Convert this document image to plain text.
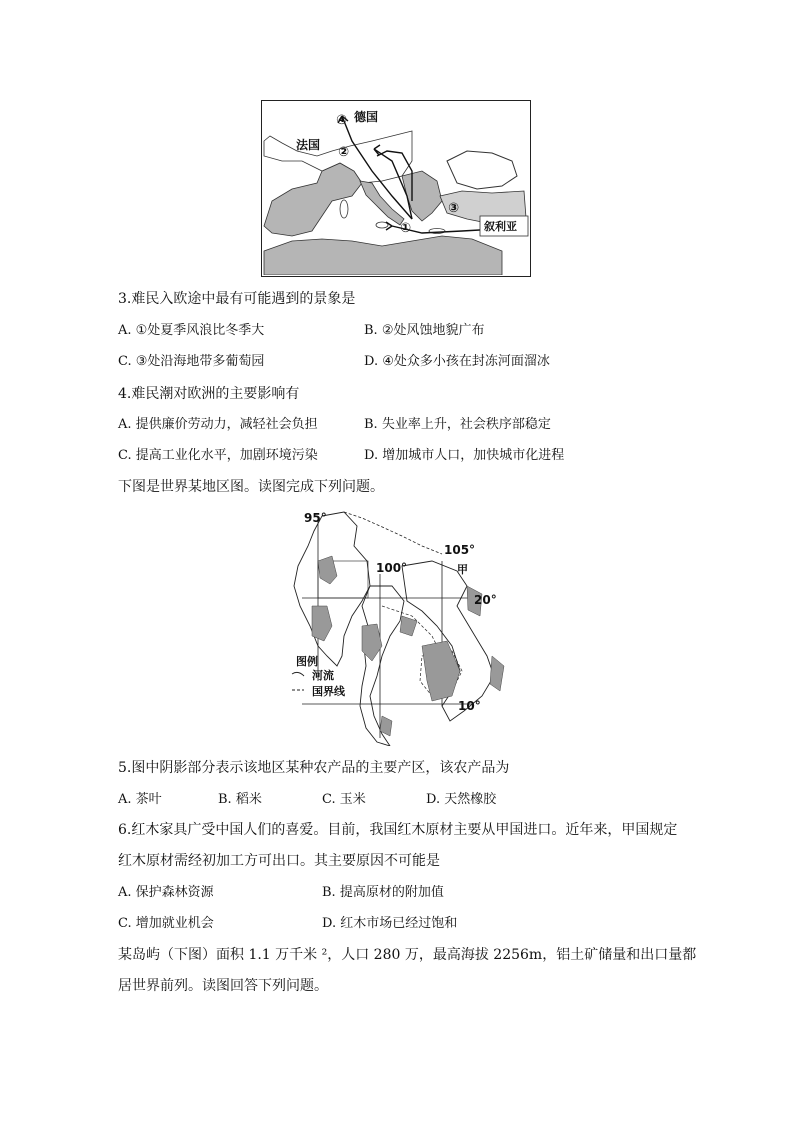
德国
④
法国 ②
③
①	叙利亚
3.难民入欧途中最有可能遇到的景象是
A. ①处夏季风浪比冬季大	B. ②处风蚀地貌广布
C. ③处沿海地带多葡萄园	D. ④处众多小孩在封冻河面溜冰
4.难民潮对欧洲的主要影响有
A. 提供廉价劳动力，减轻社会负担	B. 失业率上升，社会秩序部稳定
C. 提高工业化水平，加剧环境污染	D. 增加城市人口，加快城市化进程
下图是世界某地区图。读图完成下列问题。
95°
100°
105°
甲
20°
10°
图例
河流
国界线
5.图中阴影部分表示该地区某种农产品的主要产区，该农产品为
A. 茶叶	B. 稻米	C. 玉米	D. 天然橡胶
6.红木家具广受中国人们的喜爱。目前，我国红木原材主要从甲国进口。近年来，甲国规定
红木原材需经初加工方可出口。其主要原因不可能是
A. 保护森林资源	B. 提高原材的附加值
C. 增加就业机会	D. 红木市场已经过饱和
某岛屿（下图）面积 1.1 万千米 ²，人口 280 万，最高海拔 2256m，铝土矿储量和出口量都
居世界前列。读图回答下列问题。
